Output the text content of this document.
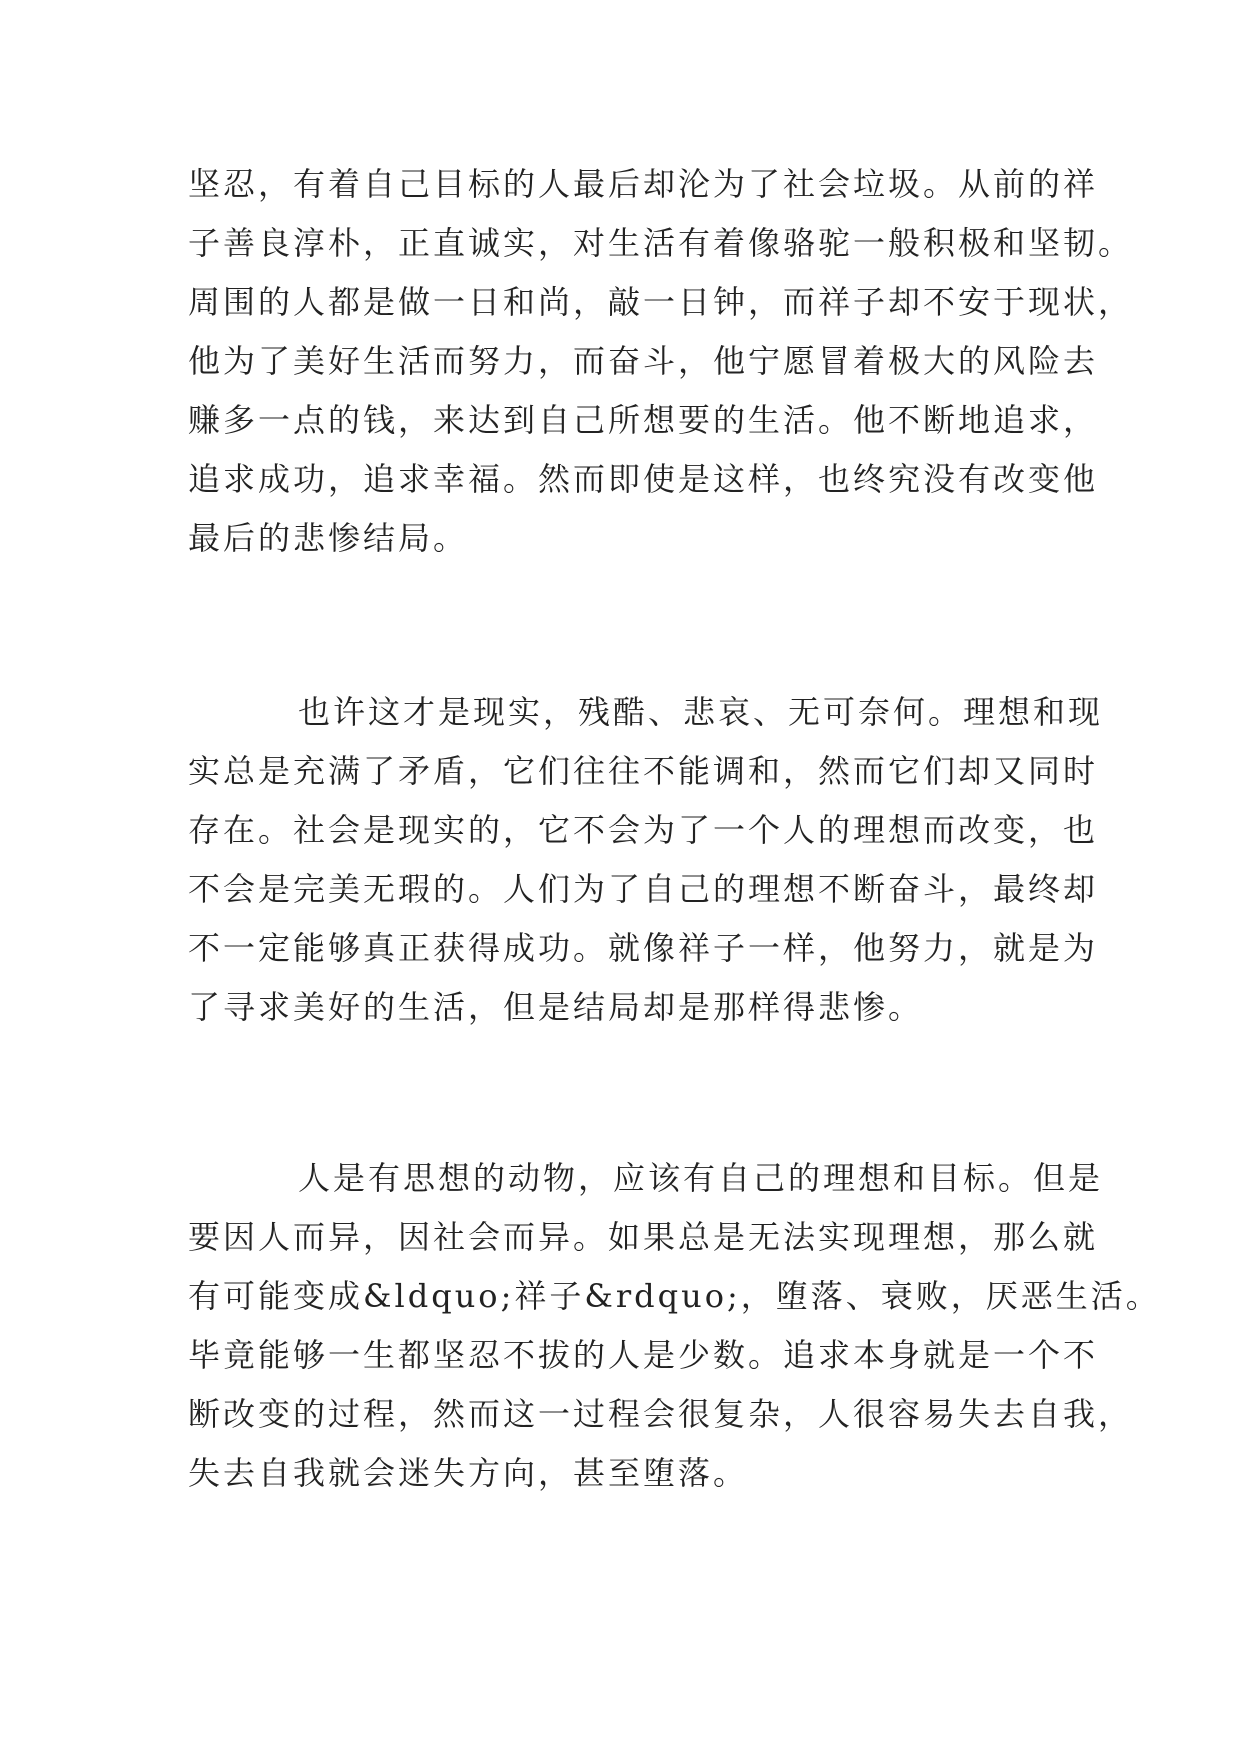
坚忍，有着自己目标的人最后却沦为了社会垃圾。从前的祥
子善良淳朴，正直诚实，对生活有着像骆驼一般积极和坚韧。
周围的人都是做一日和尚，敲一日钟，而祥子却不安于现状，
他为了美好生活而努力，而奋斗，他宁愿冒着极大的风险去
赚多一点的钱，来达到自己所想要的生活。他不断地追求，
追求成功，追求幸福。然而即使是这样，也终究没有改变他
最后的悲惨结局。
也许这才是现实，残酷、悲哀、无可奈何。理想和现
实总是充满了矛盾，它们往往不能调和，然而它们却又同时
存在。社会是现实的，它不会为了一个人的理想而改变，也
不会是完美无瑕的。人们为了自己的理想不断奋斗，最终却
不一定能够真正获得成功。就像祥子一样，他努力，就是为
了寻求美好的生活，但是结局却是那样得悲惨。
人是有思想的动物，应该有自己的理想和目标。但是
要因人而异，因社会而异。如果总是无法实现理想，那么就
有可能变成&ldquo;祥子&rdquo;，堕落、衰败，厌恶生活。
毕竟能够一生都坚忍不拔的人是少数。追求本身就是一个不
断改变的过程，然而这一过程会很复杂，人很容易失去自我，
失去自我就会迷失方向，甚至堕落。
